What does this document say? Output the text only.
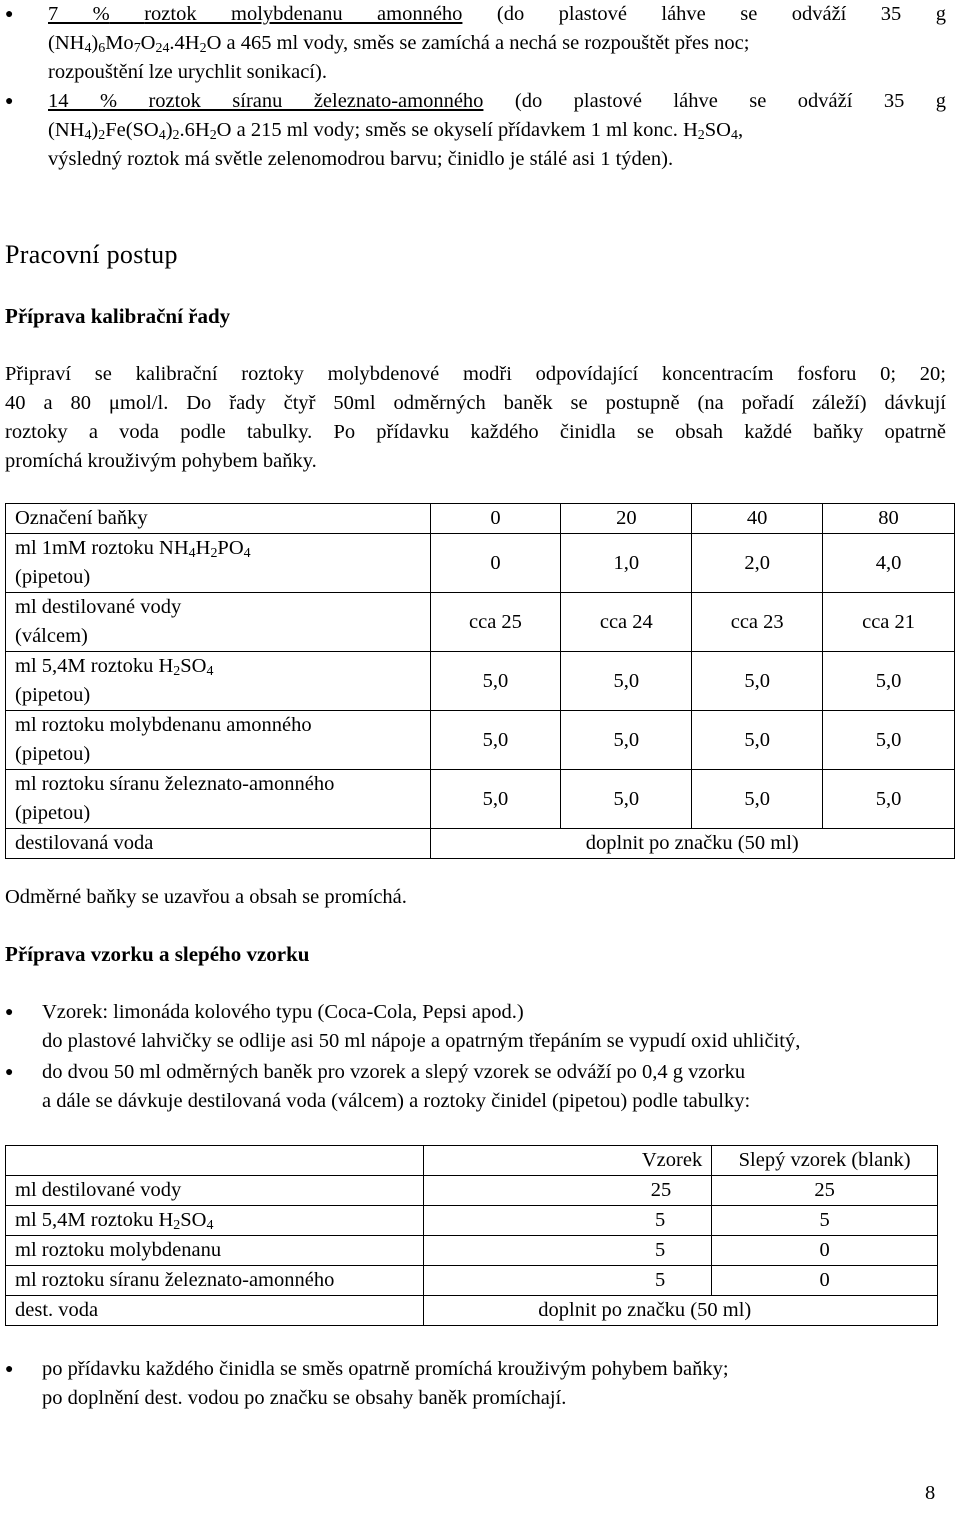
● 7 % roztok molybdenanu amonného (do plastové láhve se odváží 35 g
$(NH_4)_6Mo_7O_{24}.4H_2O$ a 465 ml vody, směs se zamíchá a nechá se rozpouštět přes noc;
rozpouštění lze urychlit sonikací).
● 14 % roztok síranu železnato-amonného (do plastové láhve se odváží 35 g
$(NH_4)_2Fe(SO_4)_2.6H_2O$ a 215 ml vody; směs se okyselí přídavkem 1 ml konc. $H_2SO_4$,
výsledný roztok má světle zelenomodrou barvu; činidlo je stálé asi 1 týden).
Pracovní postup
Příprava kalibrační řady
Připraví se kalibrační roztoky molybdenové modři odpovídající koncentracím fosforu 0; 20;
40 a 80 μmol/l. Do řady čtyř 50ml odměrných baněk se postupně (na pořadí záleží) dávkují
roztoky a voda podle tabulky. Po přídavku každého činidla se obsah každé baňky opatrně
promíchá krouživým pohybem baňky.
Označení baňky	0	20	40	80
ml 1mM roztoku $NH_4H_2PO_4$
(pipetou)	0	1,0	2,0	4,0
ml destilované vody
(válcem)	cca 25	cca 24	cca 23	cca 21
ml 5,4M roztoku $H_2SO_4$
(pipetou)	5,0	5,0	5,0	5,0
ml roztoku molybdenanu amonného
(pipetou)	5,0	5,0	5,0	5,0
ml roztoku síranu železnato-amonného
(pipetou)	5,0	5,0	5,0	5,0
destilovaná voda	doplnit po značku (50 ml)			
Odměrné baňky se uzavřou a obsah se promíchá.
Příprava vzorku a slepého vzorku
● Vzorek: limonáda kolového typu (Coca-Cola, Pepsi apod.)
do plastové lahvičky se odlije asi 50 ml nápoje a opatrným třepáním se vypudí oxid uhličitý,
● do dvou 50 ml odměrných baněk pro vzorek a slepý vzorek se odváží po 0,4 g vzorku
a dále se dávkuje destilovaná voda (válcem) a roztoky činidel (pipetou) podle tabulky:
	Vzorek	Slepý vzorek (blank)
ml destilované vody	25	25
ml 5,4M roztoku $H_2SO_4$	5	5
ml roztoku molybdenanu	5	0
ml roztoku síranu železnato-amonného	5	0
dest. voda	doplnit po značku (50 ml)	
● po přídavku každého činidla se směs opatrně promíchá krouživým pohybem baňky;
po doplnění dest. vodou po značku se obsahy baněk promíchají.
8
